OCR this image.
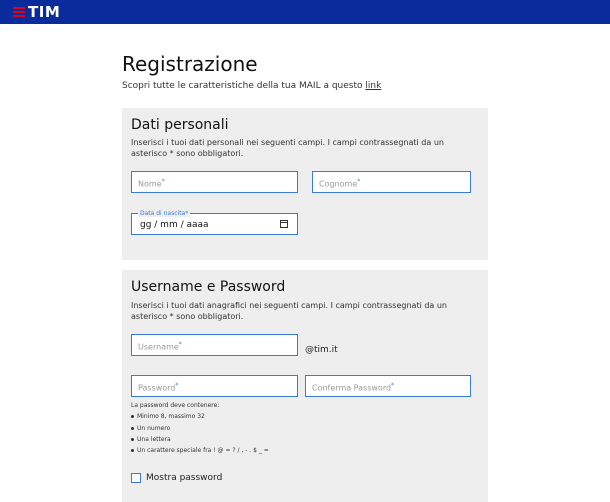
TIM
Registrazione
Scopri tutte le caratteristiche della tua MAIL a questo link
Dati personali
Inserisci i tuoi dati personali nei seguenti campi. I campi contrassegnati da un asterisco * sono obbligatori.
Nome*	Cognome*
Data di nascita*
gg / mm / aaaa
Username e Password
Inserisci i tuoi dati anagrafici nei seguenti campi. I campi contrassegnati da un asterisco * sono obbligatori.
Username*
@tim.it
Password*	Conferma Password*
La password deve contenere:
Minimo 8, massimo 32
Un numero
Una lettera
Un carattere speciale fra ! @ = ? / , - . $ _ =
Mostra password
